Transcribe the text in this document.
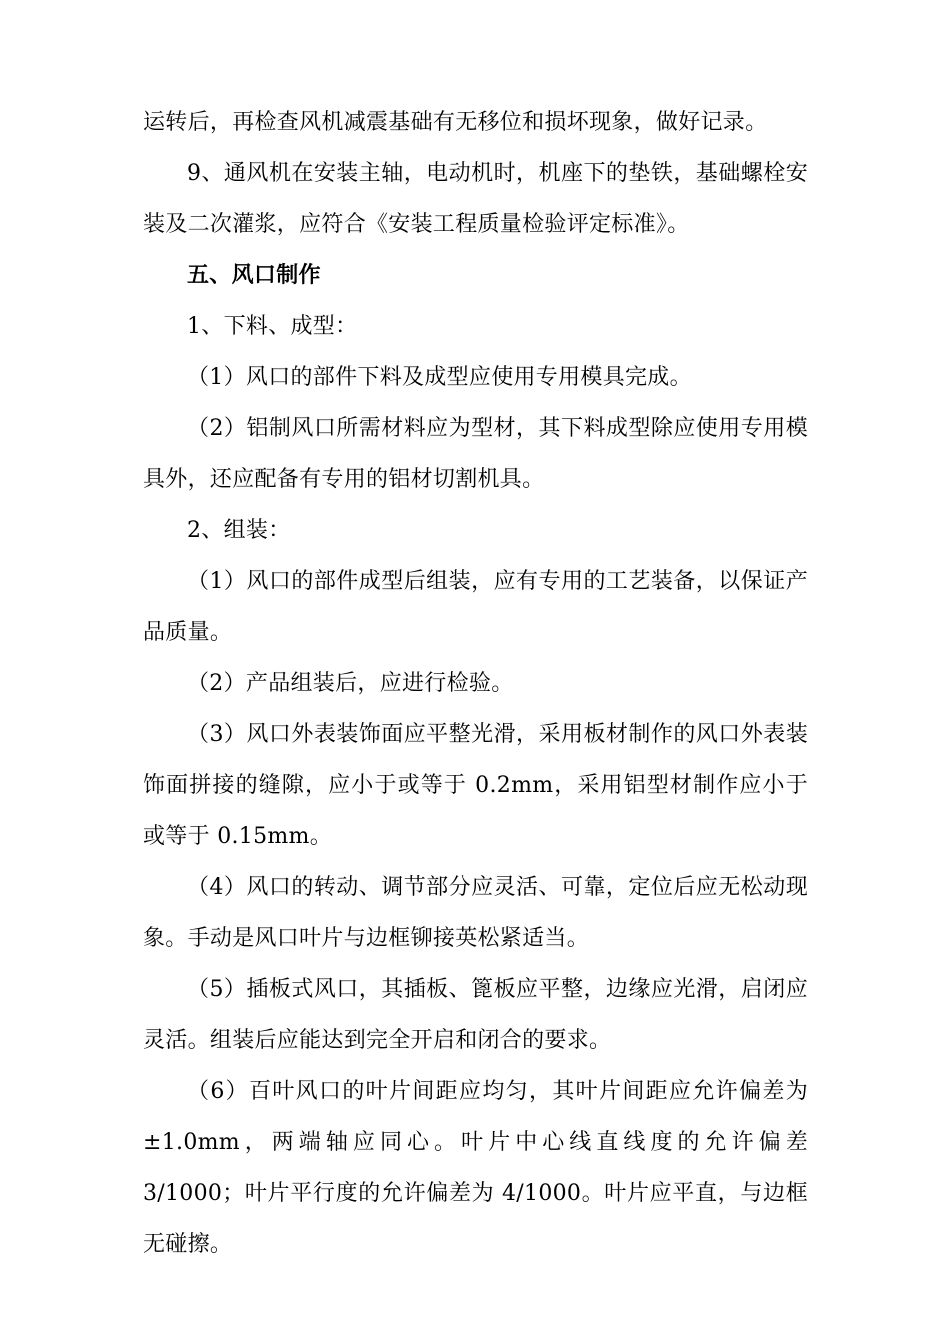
运转后，再检查风机减震基础有无移位和损坏现象，做好记录。

9、通风机在安装主轴，电动机时，机座下的垫铁，基础螺栓安装及二次灌浆，应符合《安装工程质量检验评定标准》。

五、风口制作

1、下料、成型：

（1）风口的部件下料及成型应使用专用模具完成。

（2）铝制风口所需材料应为型材，其下料成型除应使用专用模具外，还应配备有专用的铝材切割机具。

2、组装：

（1）风口的部件成型后组装，应有专用的工艺装备，以保证产品质量。

（2）产品组装后，应进行检验。

（3）风口外表装饰面应平整光滑，采用板材制作的风口外表装饰面拼接的缝隙，应小于或等于 0.2mm，采用铝型材制作应小于或等于 0.15mm。

（4）风口的转动、调节部分应灵活、可靠，定位后应无松动现象。手动是风口叶片与边框铆接英松紧适当。

（5）插板式风口，其插板、篦板应平整，边缘应光滑，启闭应灵活。组装后应能达到完全开启和闭合的要求。

（6）百叶风口的叶片间距应均匀，其叶片间距应允许偏差为±1.0mm，两端轴应同心。叶片中心线直线度的允许偏差 3/1000；叶片平行度的允许偏差为 4/1000。叶片应平直，与边框无碰擦。
